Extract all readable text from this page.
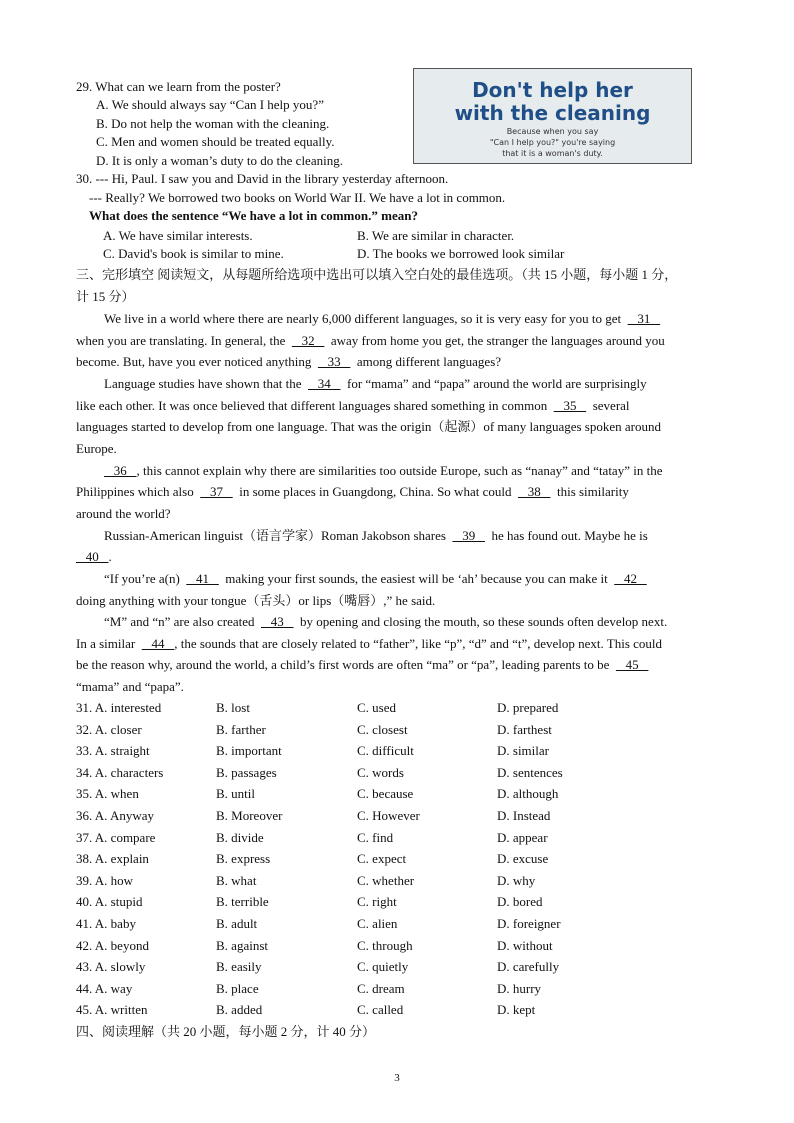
29. What can we learn from the poster?
A. We should always say “Can I help you?”
B. Do not help the woman with the cleaning.
C. Men and women should be treated equally.
D. It is only a woman’s duty to do the cleaning.
Don't help her
with the cleaning
Because when you say
"Can I help you?" you're saying
that it is a woman's duty.
30. --- Hi, Paul. I saw you and David in the library yesterday afternoon.
--- Really? We borrowed two books on World War II. We have a lot in common.
What does the sentence “We have a lot in common.” mean?
A. We have similar interests.	B. We are similar in character.
C. David's book is similar to mine.	D. The books we borrowed look similar
三、完形填空 阅读短文，从每题所给选项中选出可以填入空白处的最佳选项。（共 15 小题，每小题 1 分，
计 15 分）
We live in a world where there are nearly 6,000 different languages, so it is very easy for you to get     31
when you are translating. In general, the     32     away from home you get, the stranger the languages around you
become. But, have you ever noticed anything     33     among different languages?
Language studies have shown that the     34     for “mama” and “papa” around the world are surprisingly
like each other. It was once believed that different languages shared something in common     35     several
languages started to develop from one language. That was the origin（起源）of many languages spoken around
Europe.
36   , this cannot explain why there are similarities too outside Europe, such as “nanay” and “tatay” in the
Philippines which also     37     in some places in Guangdong, China. So what could     38     this similarity
around the world?
Russian-American linguist（语言学家）Roman Jakobson shares     39     he has found out. Maybe he is
40   .
“If you’re a(n)     41     making your first sounds, the easiest will be ‘ah’ because you can make it     42
doing anything with your tongue（舌头）or lips（嘴唇）,” he said.
“M” and “n” are also created     43     by opening and closing the mouth, so these sounds often develop next.
In a similar     44   , the sounds that are closely related to “father”, like “p”, “d” and “t”, develop next. This could
be the reason why, around the world, a child’s first words are often “ma” or “pa”, leading parents to be     45
“mama” and “papa”.
31. A. interested	B. lost	C. used	D. prepared
32. A. closer	B. farther	C. closest	D. farthest
33. A. straight	B. important	C. difficult	D. similar
34. A. characters	B. passages	C. words	D. sentences
35. A. when	B. until	C. because	D. although
36. A. Anyway	B. Moreover	C. However	D. Instead
37. A. compare	B. divide	C. find	D. appear
38. A. explain	B. express	C. expect	D. excuse
39. A. how	B. what	C. whether	D. why
40. A. stupid	B. terrible	C. right	D. bored
41. A. baby	B. adult	C. alien	D. foreigner
42. A. beyond	B. against	C. through	D. without
43. A. slowly	B. easily	C. quietly	D. carefully
44. A. way	B. place	C. dream	D. hurry
45. A. written	B. added	C. called	D. kept
四、阅读理解（共 20 小题，每小题 2 分，计 40 分）
3
